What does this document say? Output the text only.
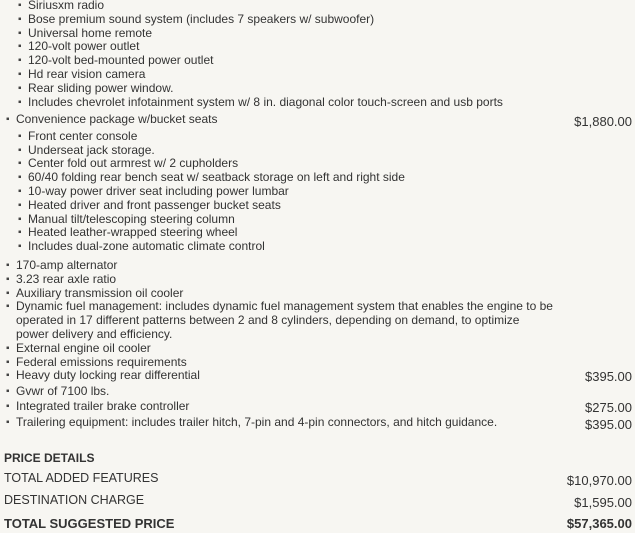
▪ Siriusxm radio
▪ Bose premium sound system (includes 7 speakers w/ subwoofer)
▪ Universal home remote
▪ 120-volt power outlet
▪ 120-volt bed-mounted power outlet
▪ Hd rear vision camera
▪ Rear sliding power window.
▪ Includes chevrolet infotainment system w/ 8 in. diagonal color touch-screen and usb ports
▪ Convenience package w/bucket seats	$1,880.00
▪ Front center console
▪ Underseat jack storage.
▪ Center fold out armrest w/ 2 cupholders
▪ 60/40 folding rear bench seat w/ seatback storage on left and right side
▪ 10-way power driver seat including power lumbar
▪ Heated driver and front passenger bucket seats
▪ Manual tilt/telescoping steering column
▪ Heated leather-wrapped steering wheel
▪ Includes dual-zone automatic climate control
▪ 170-amp alternator
▪ 3.23 rear axle ratio
▪ Auxiliary transmission oil cooler
▪ Dynamic fuel management: includes dynamic fuel management system that enables the engine to be
operated in 17 different patterns between 2 and 8 cylinders, depending on demand, to optimize
power delivery and efficiency.
▪ External engine oil cooler
▪ Federal emissions requirements
▪ Heavy duty locking rear differential	$395.00
▪ Gvwr of 7100 lbs.
▪ Integrated trailer brake controller	$275.00
▪ Trailering equipment: includes trailer hitch, 7-pin and 4-pin connectors, and hitch guidance.	$395.00
PRICE DETAILS
TOTAL ADDED FEATURES	$10,970.00
DESTINATION CHARGE	$1,595.00
TOTAL SUGGESTED PRICE	$57,365.00
